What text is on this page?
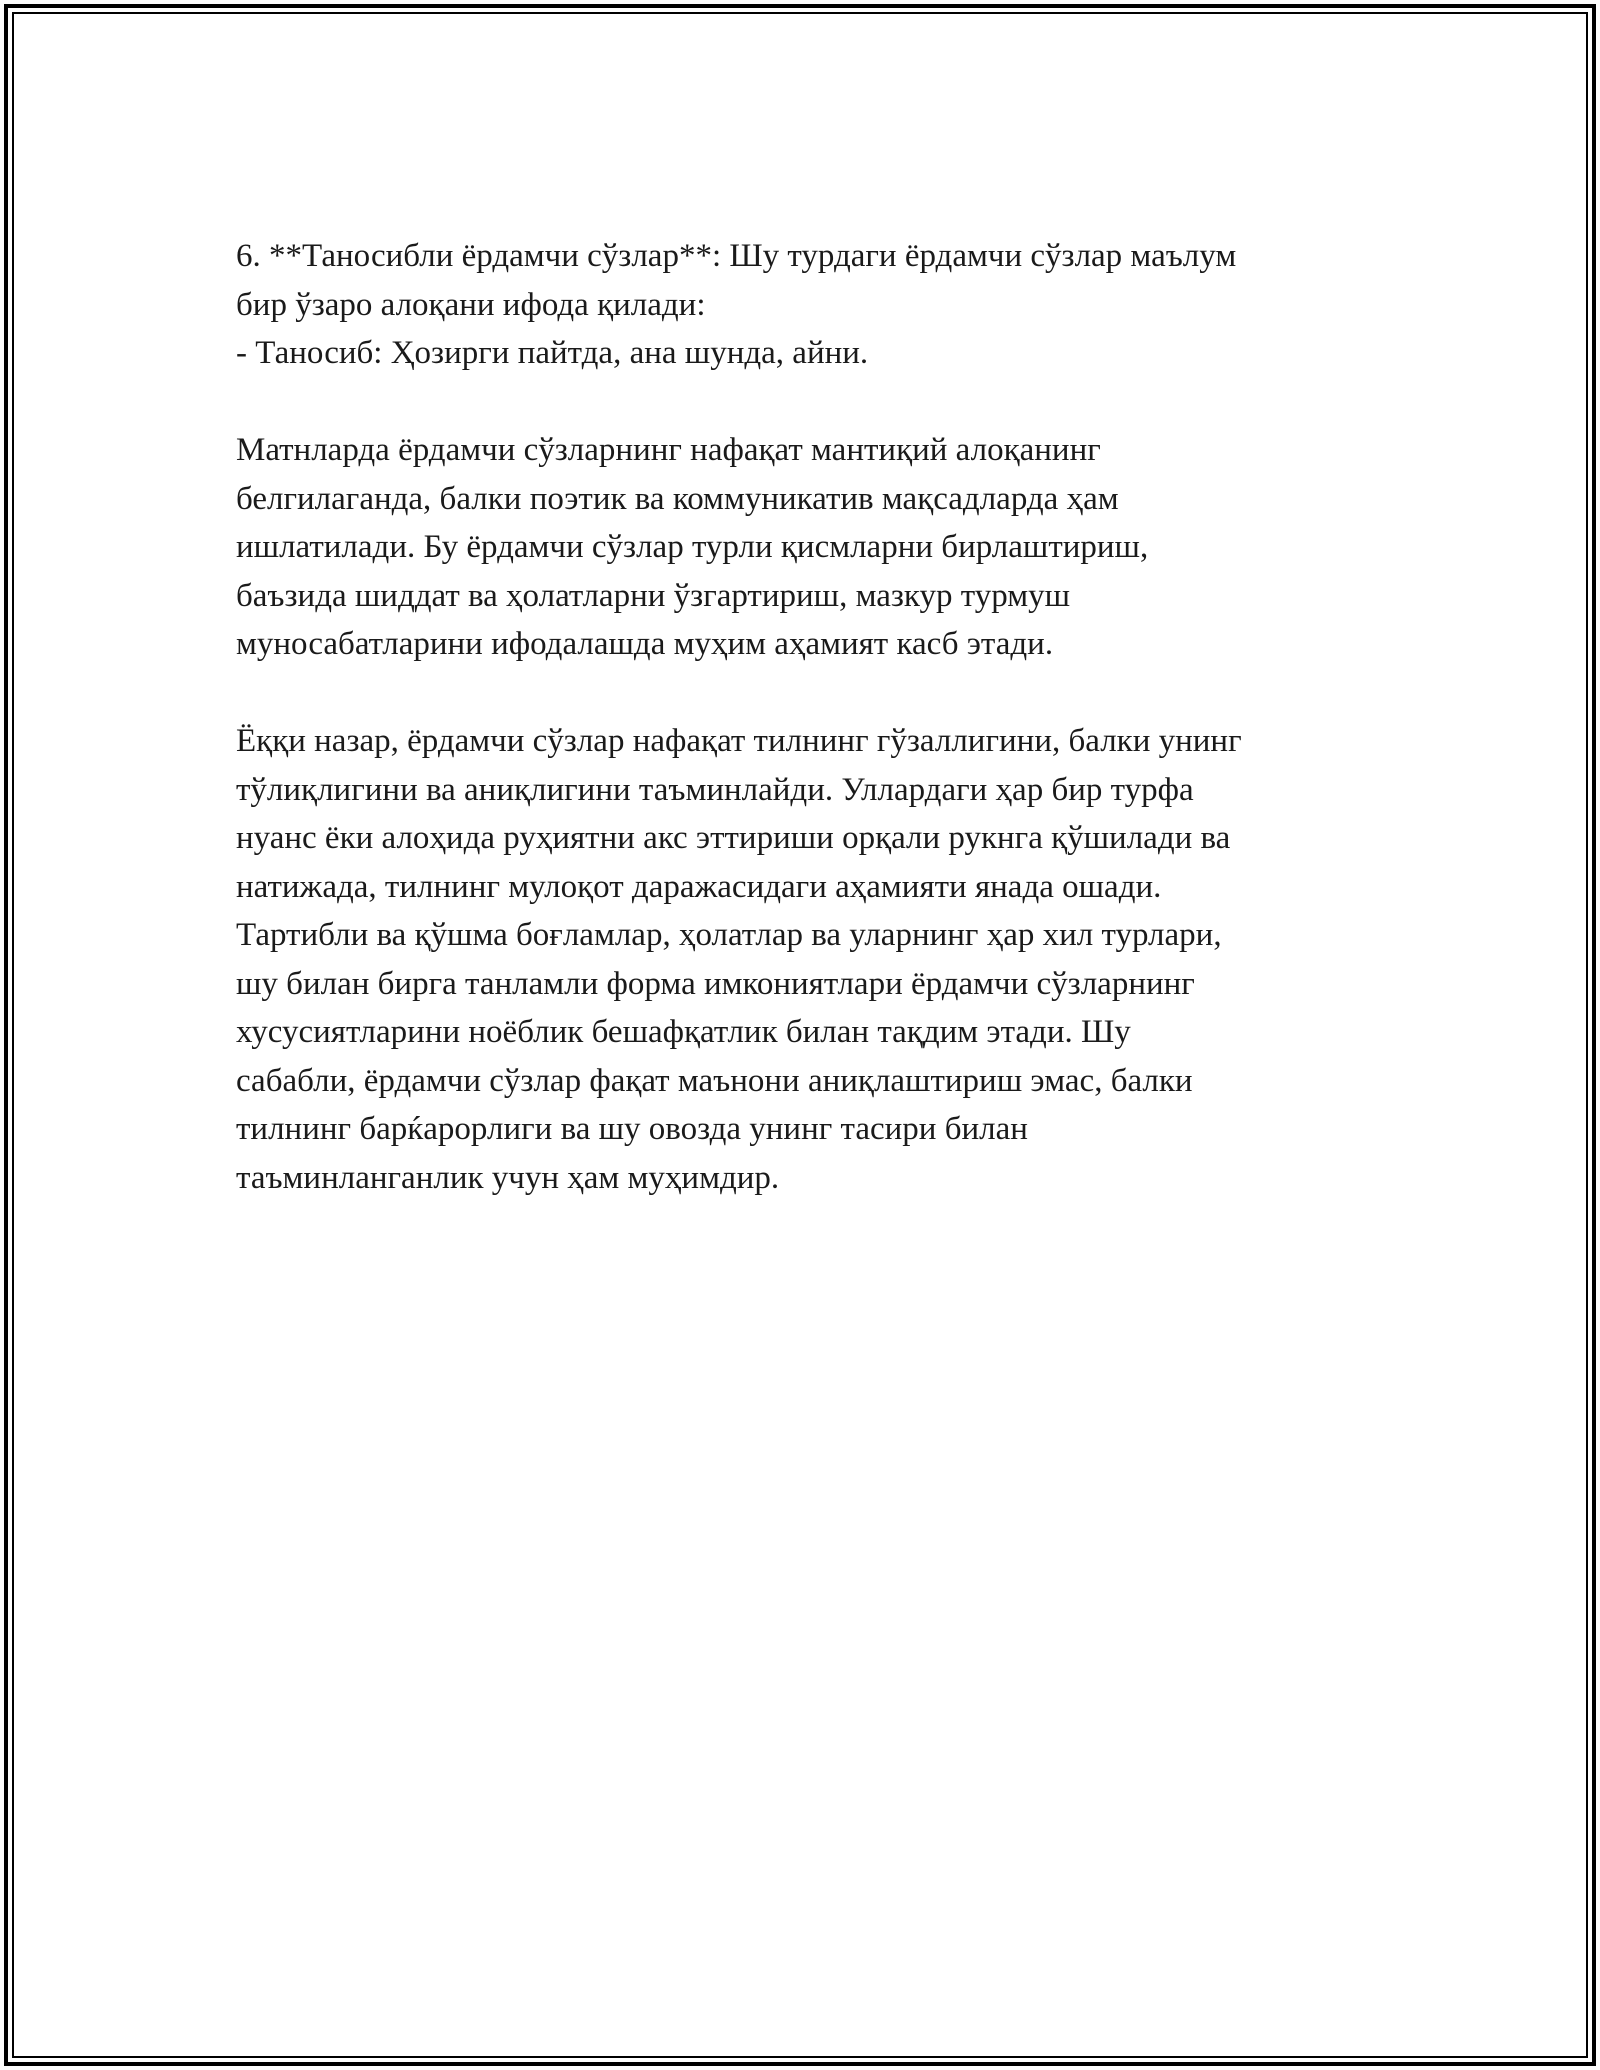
6. **Таносибли ёрдамчи сўзлар**: Шу турдаги ёрдамчи сўзлар маълум
бир ўзаро алоқани ифода қилади:
- Таносиб: Ҳозирги пайтда, ана шунда, айни.

Матнларда ёрдамчи сўзларнинг нафақат мантиқий алоқанинг
белгилаганда, балки поэтик ва коммуникатив мақсадларда ҳам
ишлатилади. Бу ёрдамчи сўзлар турли қисмларни бирлаштириш,
баъзида шиддат ва ҳолатларни ўзгартириш, мазкур турмуш
муносабатларини ифодалашда муҳим аҳамият касб этади.

Ёққи назар, ёрдамчи сўзлар нафақат тилнинг гўзаллигини, балки унинг
тўлиқлигини ва аниқлигини таъминлайди. Уллардаги ҳар бир турфа
нуанс ёки алоҳида руҳиятни акс эттириши орқали рукнга қўшилади ва
натижада, тилнинг мулоқот даражасидаги аҳамияти янада ошади.
Тартибли ва қўшма боғламлар, ҳолатлар ва уларнинг ҳар хил турлари,
шу билан бирга танламли форма имкониятлари ёрдамчи сўзларнинг
хусусиятларини ноёблик бешафқатлик билан тақдим этади. Шу
сабабли, ёрдамчи сўзлар фақат маънони аниқлаштириш эмас, балки
тилнинг барќарорлиги ва шу овозда унинг тасири билан
таъминланганлик учун ҳам муҳимдир.
